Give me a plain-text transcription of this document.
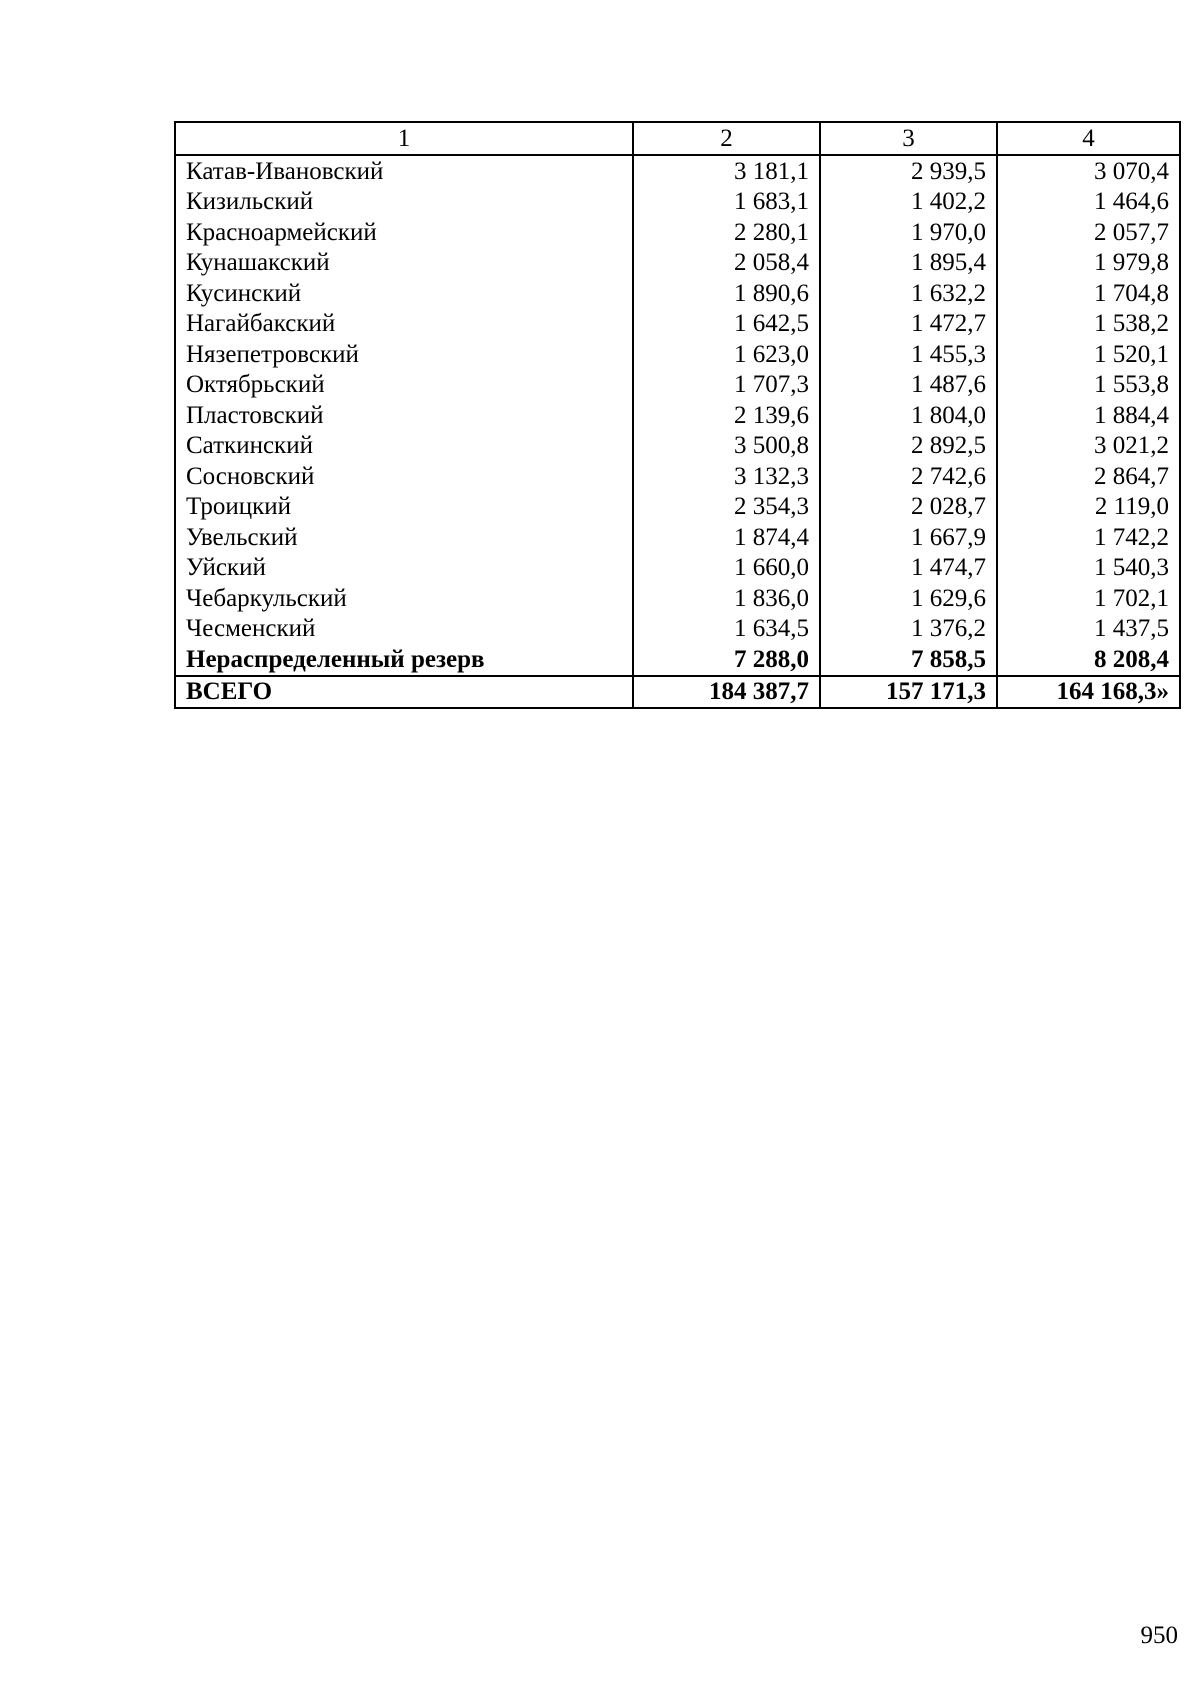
1	2	3	4
Катав-Ивановский	3 181,1	2 939,5	3 070,4
Кизильский	1 683,1	1 402,2	1 464,6
Красноармейский	2 280,1	1 970,0	2 057,7
Кунашакский	2 058,4	1 895,4	1 979,8
Кусинский	1 890,6	1 632,2	1 704,8
Нагайбакский	1 642,5	1 472,7	1 538,2
Нязепетровский	1 623,0	1 455,3	1 520,1
Октябрьский	1 707,3	1 487,6	1 553,8
Пластовский	2 139,6	1 804,0	1 884,4
Саткинский	3 500,8	2 892,5	3 021,2
Сосновский	3 132,3	2 742,6	2 864,7
Троицкий	2 354,3	2 028,7	2 119,0
Увельский	1 874,4	1 667,9	1 742,2
Уйский	1 660,0	1 474,7	1 540,3
Чебаркульский	1 836,0	1 629,6	1 702,1
Чесменский	1 634,5	1 376,2	1 437,5
Нераспределенный резерв	7 288,0	7 858,5	8 208,4
ВСЕГО	184 387,7	157 171,3	164 168,3»
950
